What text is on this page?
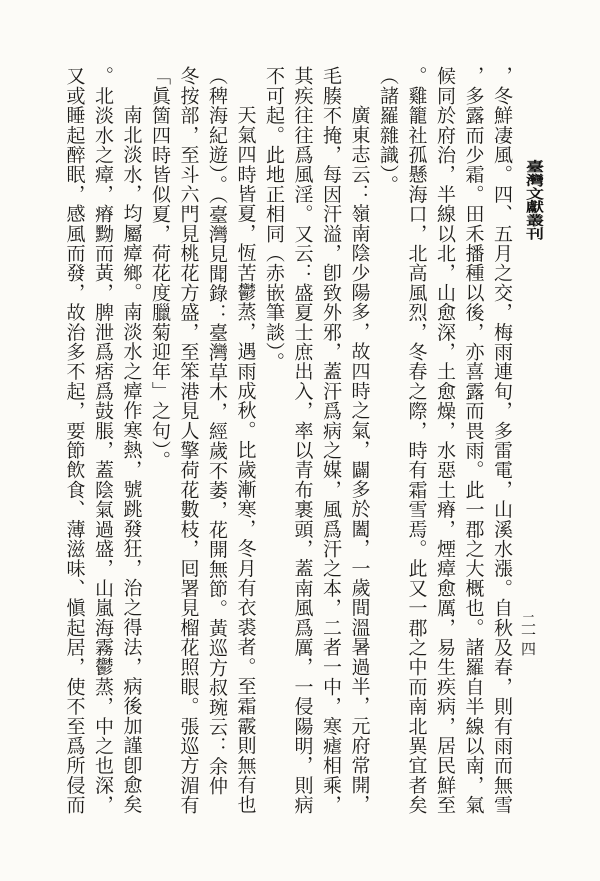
臺灣文獻叢刊
二一四
，冬鮮凄風。四、五月之交，梅雨連旬，多雷電，山溪水漲。自秋及春，則有雨而無雪
，多露而少霜。田禾播種以後，亦喜露而畏雨。此一郡之大概也。諸羅自半線以南，氣
候同於府治，半線以北，山愈深，土愈燥，水惡土瘠，煙瘴愈厲，易生疾病，居民鮮至
。雞籠社孤懸海口，北高風烈，冬春之際，時有霜雪焉。此又一郡之中而南北異宜者矣
（諸羅雜識）。
廣東志云：嶺南陰少陽多，故四時之氣，闢多於闔，一歲間溫暑過半，元府常開，
毛腠不掩，每因汗溢，卽致外邪，蓋汗爲病之媒，風爲汗之本，二者一中，寒瘧相乘，
其疾往往爲風淫。又云：盛夏士庶出入，率以青布裹頭，蓋南風爲厲，一侵陽明，則病
不可起。此地正相同（赤嵌筆談）。
天氣四時皆夏，恆苦鬱蒸，遇雨成秋。比歲漸寒，冬月有衣裘者。至霜霰則無有也
（稗海紀遊）。（臺灣見聞錄：臺灣草木，經歲不萎，花開無節。黃巡方叔琬云：余仲
冬按部，至斗六門見桃花方盛，至笨港見人擎荷花數枝，囘署見榴花照眼。張巡方湄有
「眞箇四時皆似夏，荷花度臘菊迎年」之句）。
南北淡水，均屬瘴鄉。南淡水之瘴作寒熱，號跳發狂，治之得法，病後加謹卽愈矣
。北淡水之瘴，瘠黝而黃，脾泄爲痞爲鼓脹，蓋陰氣過盛，山嵐海霧鬱蒸，中之也深，
又或睡起醉眠，感風而發，故治多不起，要節飲食、薄滋味、愼起居，使不至爲所侵而
